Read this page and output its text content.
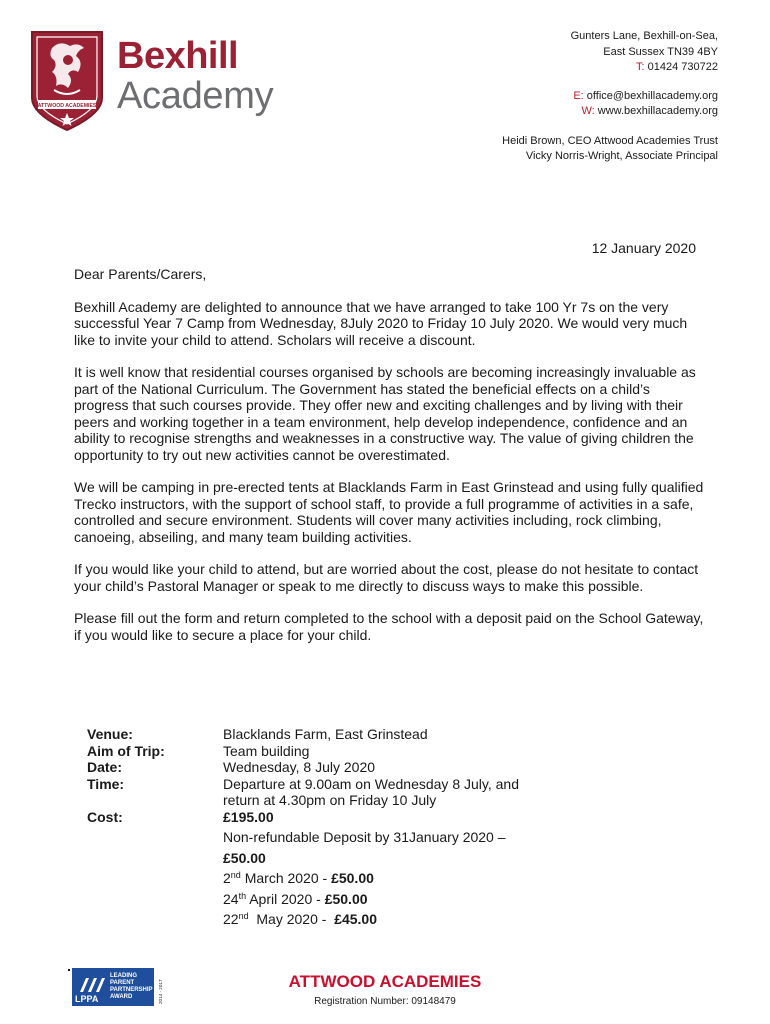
ATTWOOD ACADEMIES
Bexhill
Academy
Gunters Lane, Bexhill-on-Sea,
East Sussex TN39 4BY
T: 01424 730722
E: office@bexhillacademy.org
W: www.bexhillacademy.org
Heidi Brown, CEO Attwood Academies Trust
Vicky Norris-Wright, Associate Principal
12 January 2020

Dear Parents/Carers,

Bexhill Academy are delighted to announce that we have arranged to take 100 Yr 7s on the very successful Year 7 Camp from Wednesday, 8July 2020 to Friday 10 July 2020. We would very much like to invite your child to attend. Scholars will receive a discount.

It is well know that residential courses organised by schools are becoming increasingly invaluable as part of the National Curriculum. The Government has stated the beneficial effects on a child’s progress that such courses provide. They offer new and exciting challenges and by living with their peers and working together in a team environment, help develop independence, confidence and an ability to recognise strengths and weaknesses in a constructive way. The value of giving children the opportunity to try out new activities cannot be overestimated.

We will be camping in pre-erected tents at Blacklands Farm in East Grinstead and using fully qualified Trecko instructors, with the support of school staff, to provide a full programme of activities in a safe, controlled and secure environment. Students will cover many activities including, rock climbing, canoeing, abseiling, and many team building activities.

If you would like your child to attend, but are worried about the cost, please do not hesitate to contact your child’s Pastoral Manager or speak to me directly to discuss ways to make this possible.

Please fill out the form and return completed to the school with a deposit paid on the School Gateway, if you would like to secure a place for your child.

Venue:	Blacklands Farm, East Grinstead
Aim of Trip:	Team building
Date:	Wednesday, 8 July 2020
Time:	Departure at 9.00am on Wednesday 8 July, and
return at 4.30pm on Friday 10 July
Cost:	£195.00
Non-refundable Deposit by 31January 2020 –
£50.00
2nd March 2020 - £50.00
24th April 2020 - £50.00
22nd  May 2020 -  £45.00
LPPA
LEADING
PARENT
PARTNERSHIP
AWARD	2014 - 2017	ATTWOOD ACADEMIES
Registration Number: 09148479
